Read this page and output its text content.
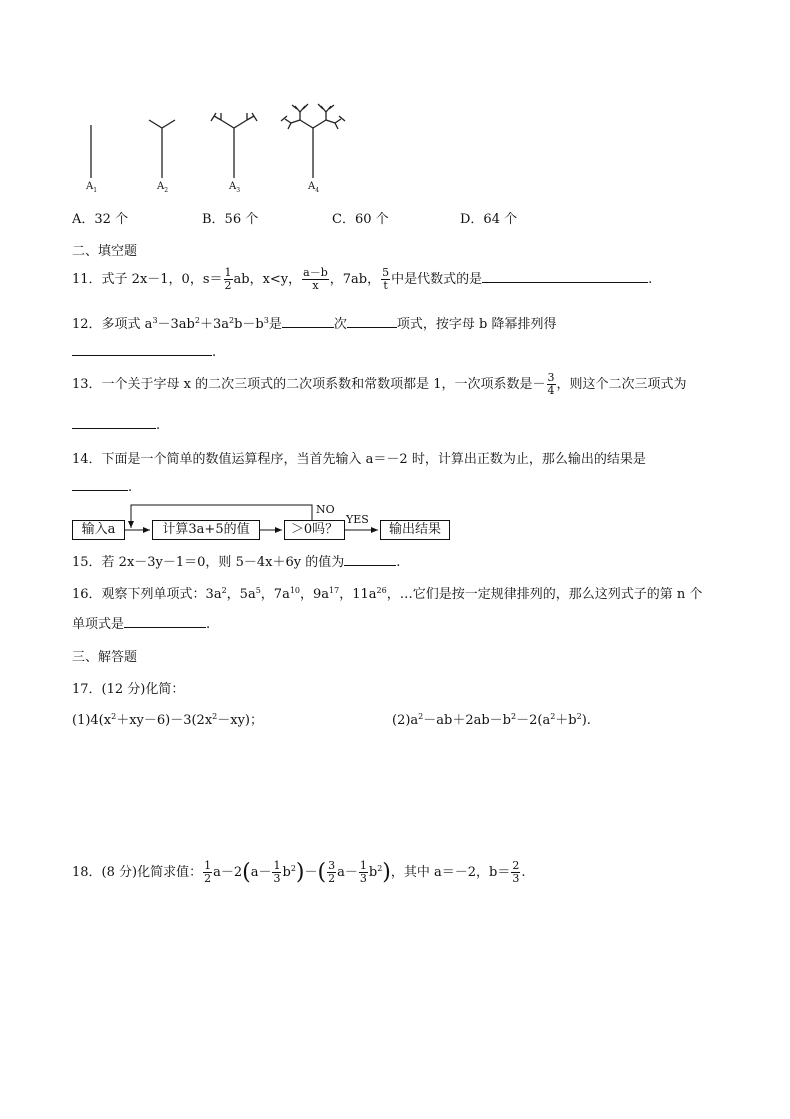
$A_1$	$A_2$	$A_3$	$A_4$
A．32 个	B．56 个	C．60 个	D．64 个
二、填空题
11．式子 2x－1，0，$s= \frac{1}{2}$ ab，x<y， $\frac{a-b}{x}$ ，7ab， $\frac{5}{t}$ 中是代数式的是	.
12．多项式 $a^3-3ab^2+3a^2b-b^3$是	次	项式，按字母 b 降幂排列得
.
13．一个关于字母 x 的二次三项式的二次项系数和常数项都是 1，一次项系数是－ $\frac{3}{4}$ ，则这个二次三项式为
.
14．下面是一个简单的数值运算程序，当首先输入 a＝－2 时，计算出正数为止，那么输出的结果是
.
输入a	计算3a+5的值	＞0吗？	输出结果
NO
YES
15．若 2x－3y－1＝0，则 5－4x＋6y 的值为	.
16．观察下列单项式：$3a^2$，$5a^5$，$7a^{10}$，$9a^{17}$，$11a^{26}$，…它们是按一定规律排列的，那么这列式子的第 n 个
单项式是	.
三、解答题
17．(12 分)化简：
$(1)4(x^2+xy-6)-3(2x^2-xy)$；	$(2)a^2-ab+2ab-b^2-2(a^2+b^2)$.
18．(8 分)化简求值： $\frac{1}{2} a-2(a- \frac{1}{3} b^2)-( \frac{3}{2} a- \frac{1}{3} b^2)$，其中 a＝－2，$b= \frac{2}{3}$ .
